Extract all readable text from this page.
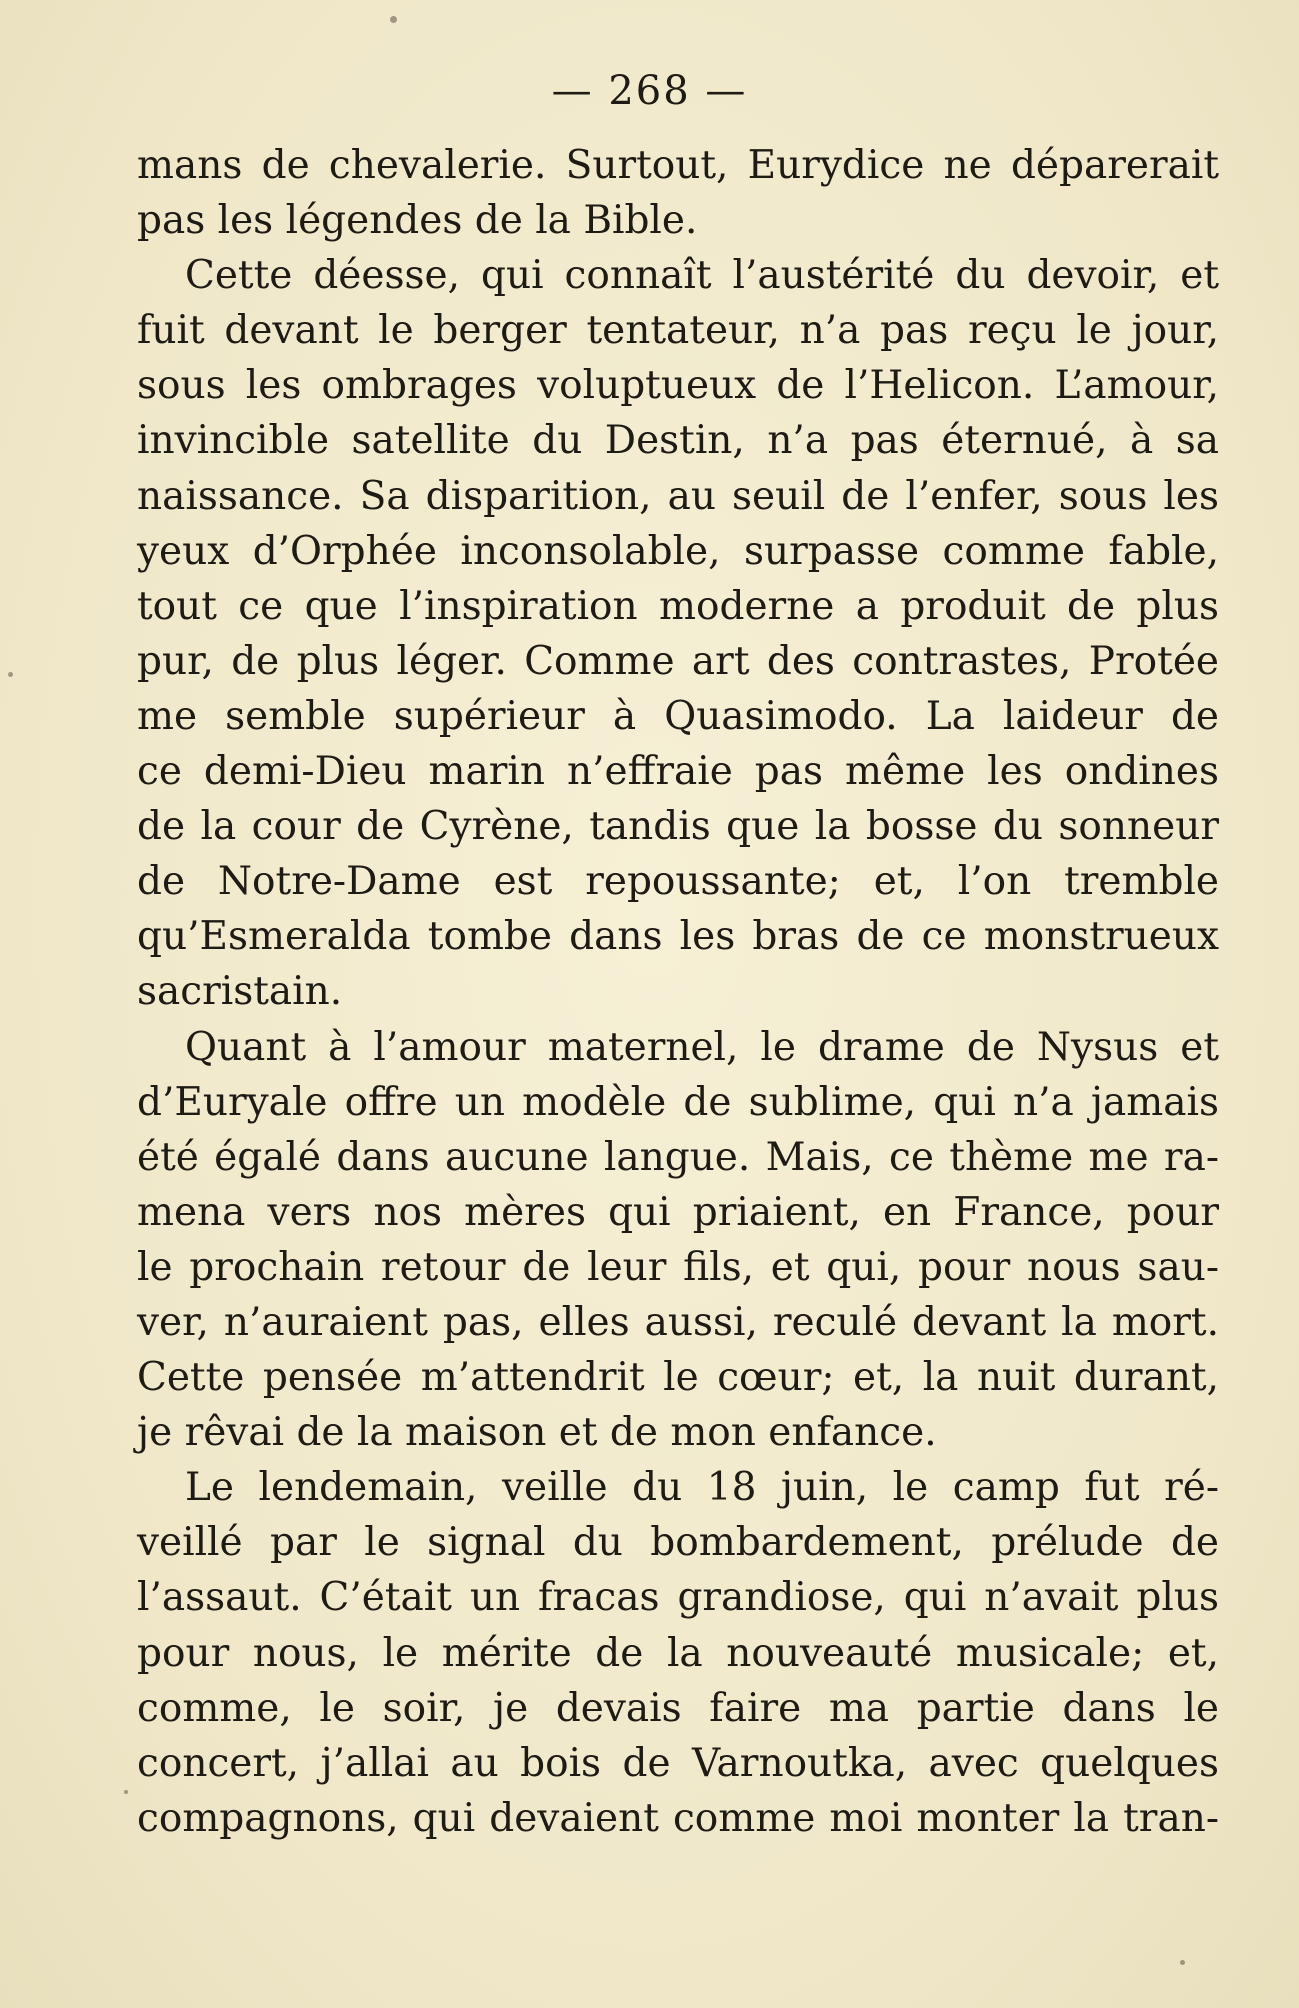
— 268 —
mans de chevalerie. Surtout, Eurydice ne déparerait
pas les légendes de la Bible.
Cette déesse, qui connaît l’austérité du devoir, et
fuit devant le berger tentateur, n’a pas reçu le jour,
sous les ombrages voluptueux de l’Helicon. L’amour,
invincible satellite du Destin, n’a pas éternué, à sa
naissance. Sa disparition, au seuil de l’enfer, sous les
yeux d’Orphée inconsolable, surpasse comme fable,
tout ce que l’inspiration moderne a produit de plus
pur, de plus léger. Comme art des contrastes, Protée
me semble supérieur à Quasimodo. La laideur de
ce demi-Dieu marin n’effraie pas même les ondines
de la cour de Cyrène, tandis que la bosse du sonneur
de Notre-Dame est repoussante; et, l’on tremble
qu’Esmeralda tombe dans les bras de ce monstrueux
sacristain.
Quant à l’amour maternel, le drame de Nysus et
d’Euryale offre un modèle de sublime, qui n’a jamais
été égalé dans aucune langue. Mais, ce thème me ra-
mena vers nos mères qui priaient, en France, pour
le prochain retour de leur fils, et qui, pour nous sau-
ver, n’auraient pas, elles aussi, reculé devant la mort.
Cette pensée m’attendrit le cœur; et, la nuit durant,
je rêvai de la maison et de mon enfance.
Le lendemain, veille du 18 juin, le camp fut ré-
veillé par le signal du bombardement, prélude de
l’assaut. C’était un fracas grandiose, qui n’avait plus
pour nous, le mérite de la nouveauté musicale; et,
comme, le soir, je devais faire ma partie dans le
concert, j’allai au bois de Varnoutka, avec quelques
compagnons, qui devaient comme moi monter la tran-
